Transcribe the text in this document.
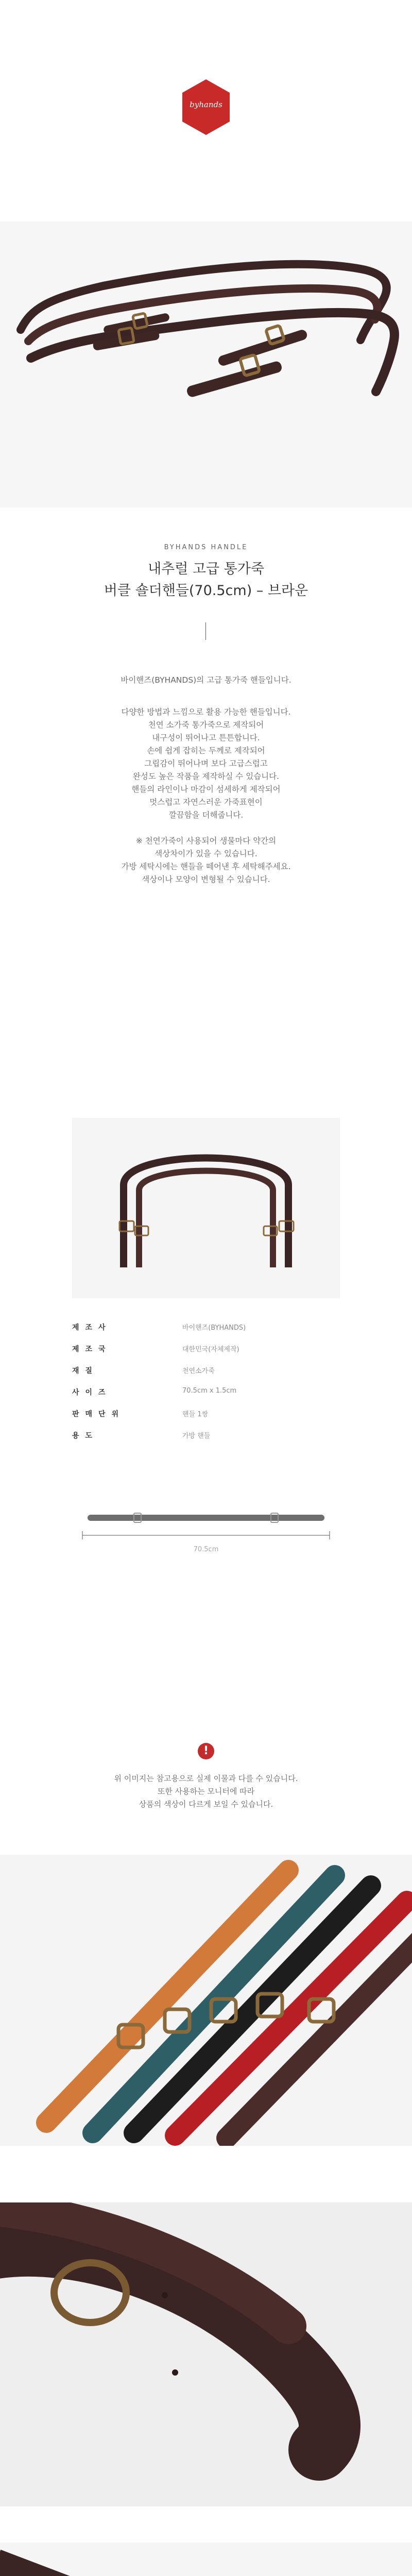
byhands
BYHANDS HANDLE
내추럴 고급 통가죽
버클 숄더핸들(70.5cm) – 브라운
바이핸즈(BYHANDS)의 고급 통가죽 핸들입니다.
다양한 방법과 느낌으로 활용 가능한 핸들입니다.
천연 소가죽 통가죽으로 제작되어
내구성이 뛰어나고 튼튼합니다.
손에 쉽게 잡히는 두께로 제작되어
그립감이 뛰어나며 보다 고급스럽고
완성도 높은 작품을 제작하실 수 있습니다.
핸들의 라인이나 마감이 섬세하게 제작되어
멋스럽고 자연스러운 가죽표현이
깔끔함을 더해줍니다.
※ 천연가죽이 사용되어 생물마다 약간의
색상차이가 있을 수 있습니다.
가방 세탁시에는 핸들을 떼어낸 후 세탁해주세요.
색상이나 모양이 변형될 수 있습니다.
제조사	바이핸즈(BYHANDS)
제조국	대한민국(자체제작)
재질	천연소가죽
사이즈	70.5cm x 1.5cm
판매단위	핸들 1쌍
용도	가방 핸들
70.5cm
!
위 이미지는 참고용으로 실제 이물과 다를 수 있습니다.
또한 사용하는 모니터에 따라
상품의 색상이 다르게 보일 수 있습니다.
